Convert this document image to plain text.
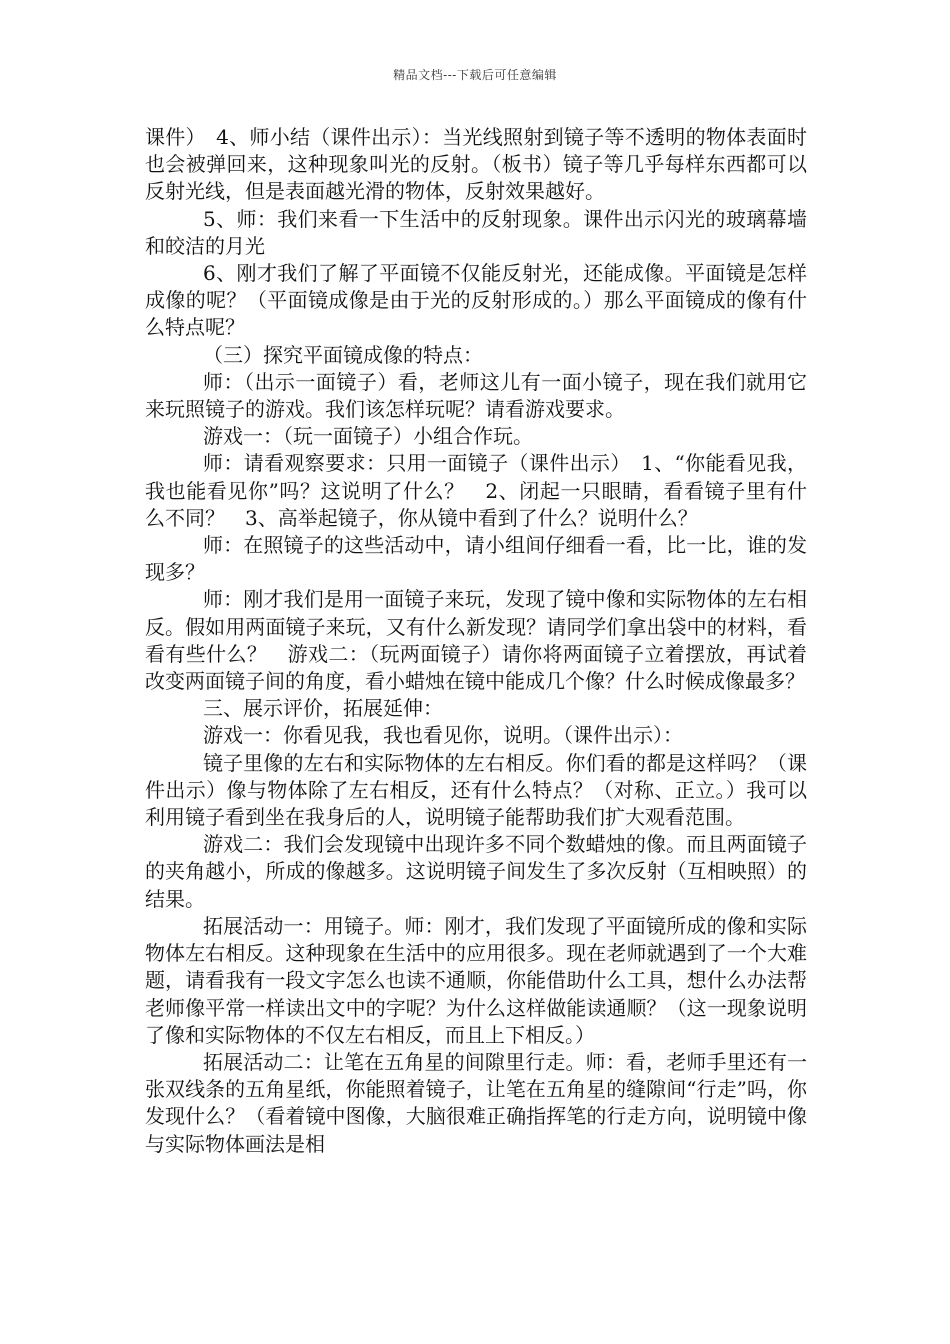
精品文档---下载后可任意编辑

课件）　4、师小结（课件出示）：当光线照射到镜子等不透明的物体表面时也会被弹回来，这种现象叫光的反射。（板书）镜子等几乎每样东西都可以反射光线，但是表面越光滑的物体，反射效果越好。

5、师：我们来看一下生活中的反射现象。课件出示闪光的玻璃幕墙和皎洁的月光

6、刚才我们了解了平面镜不仅能反射光，还能成像。平面镜是怎样成像的呢？（平面镜成像是由于光的反射形成的。）那么平面镜成的像有什么特点呢？

（三）探究平面镜成像的特点：

师：（出示一面镜子）看，老师这儿有一面小镜子，现在我们就用它来玩照镜子的游戏。我们该怎样玩呢？请看游戏要求。

游戏一：（玩一面镜子）小组合作玩。

师：请看观察要求：只用一面镜子（课件出示）　1、“你能看见我，我也能看见你”吗？这说明了什么？　2、闭起一只眼睛，看看镜子里有什么不同？　3、高举起镜子，你从镜中看到了什么？说明什么？

师：在照镜子的这些活动中，请小组间仔细看一看，比一比，谁的发现多？

师：刚才我们是用一面镜子来玩，发现了镜中像和实际物体的左右相反。假如用两面镜子来玩，又有什么新发现？请同学们拿出袋中的材料，看看有些什么？　游戏二：（玩两面镜子）请你将两面镜子立着摆放，再试着改变两面镜子间的角度，看小蜡烛在镜中能成几个像？什么时候成像最多？

三、展示评价，拓展延伸：

游戏一：你看见我，我也看见你，说明。（课件出示）：

镜子里像的左右和实际物体的左右相反。你们看的都是这样吗？（课件出示）像与物体除了左右相反，还有什么特点？（对称、正立。）我可以利用镜子看到坐在我身后的人，说明镜子能帮助我们扩大观看范围。

游戏二：我们会发现镜中出现许多不同个数蜡烛的像。而且两面镜子的夹角越小，所成的像越多。这说明镜子间发生了多次反射（互相映照）的结果。

拓展活动一：用镜子。师：刚才，我们发现了平面镜所成的像和实际物体左右相反。这种现象在生活中的应用很多。现在老师就遇到了一个大难题，请看我有一段文字怎么也读不通顺，你能借助什么工具，想什么办法帮老师像平常一样读出文中的字呢？为什么这样做能读通顺？（这一现象说明了像和实际物体的不仅左右相反，而且上下相反。）

拓展活动二：让笔在五角星的间隙里行走。师：看，老师手里还有一张双线条的五角星纸，你能照着镜子，让笔在五角星的缝隙间“行走”吗，你发现什么？（看着镜中图像，大脑很难正确指挥笔的行走方向，说明镜中像与实际物体画法是相
